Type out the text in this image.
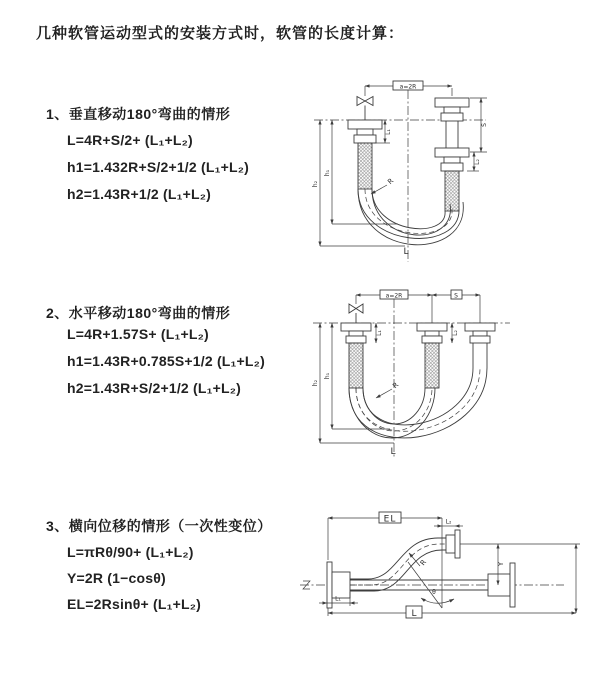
几种软管运动型式的安装方式时，软管的长度计算：
1、垂直移动180°弯曲的情形
L=4R+S/2+ (L₁+L₂)
h1=1.432R+S/2+1/2 (L₁+L₂)
h2=1.43R+1/2 (L₁+L₂)
a=2R
h₁
h₂
L₁
S
L₂
R
L
2、水平移动180°弯曲的情形
L=4R+1.57S+ (L₁+L₂)
h1=1.43R+0.785S+1/2 (L₁+L₂)
h2=1.43R+S/2+1/2 (L₁+L₂)
a=2R	S
h₁
h₂
L₁	L₂
R
L
3、横向位移的情形（一次性变位）
L=πRθ/90+ (L₁+L₂)
Y=2R (1−cosθ)
EL=2Rsinθ+ (L₁+L₂)
EL	L₂
Y
θ
R
L₁
L
